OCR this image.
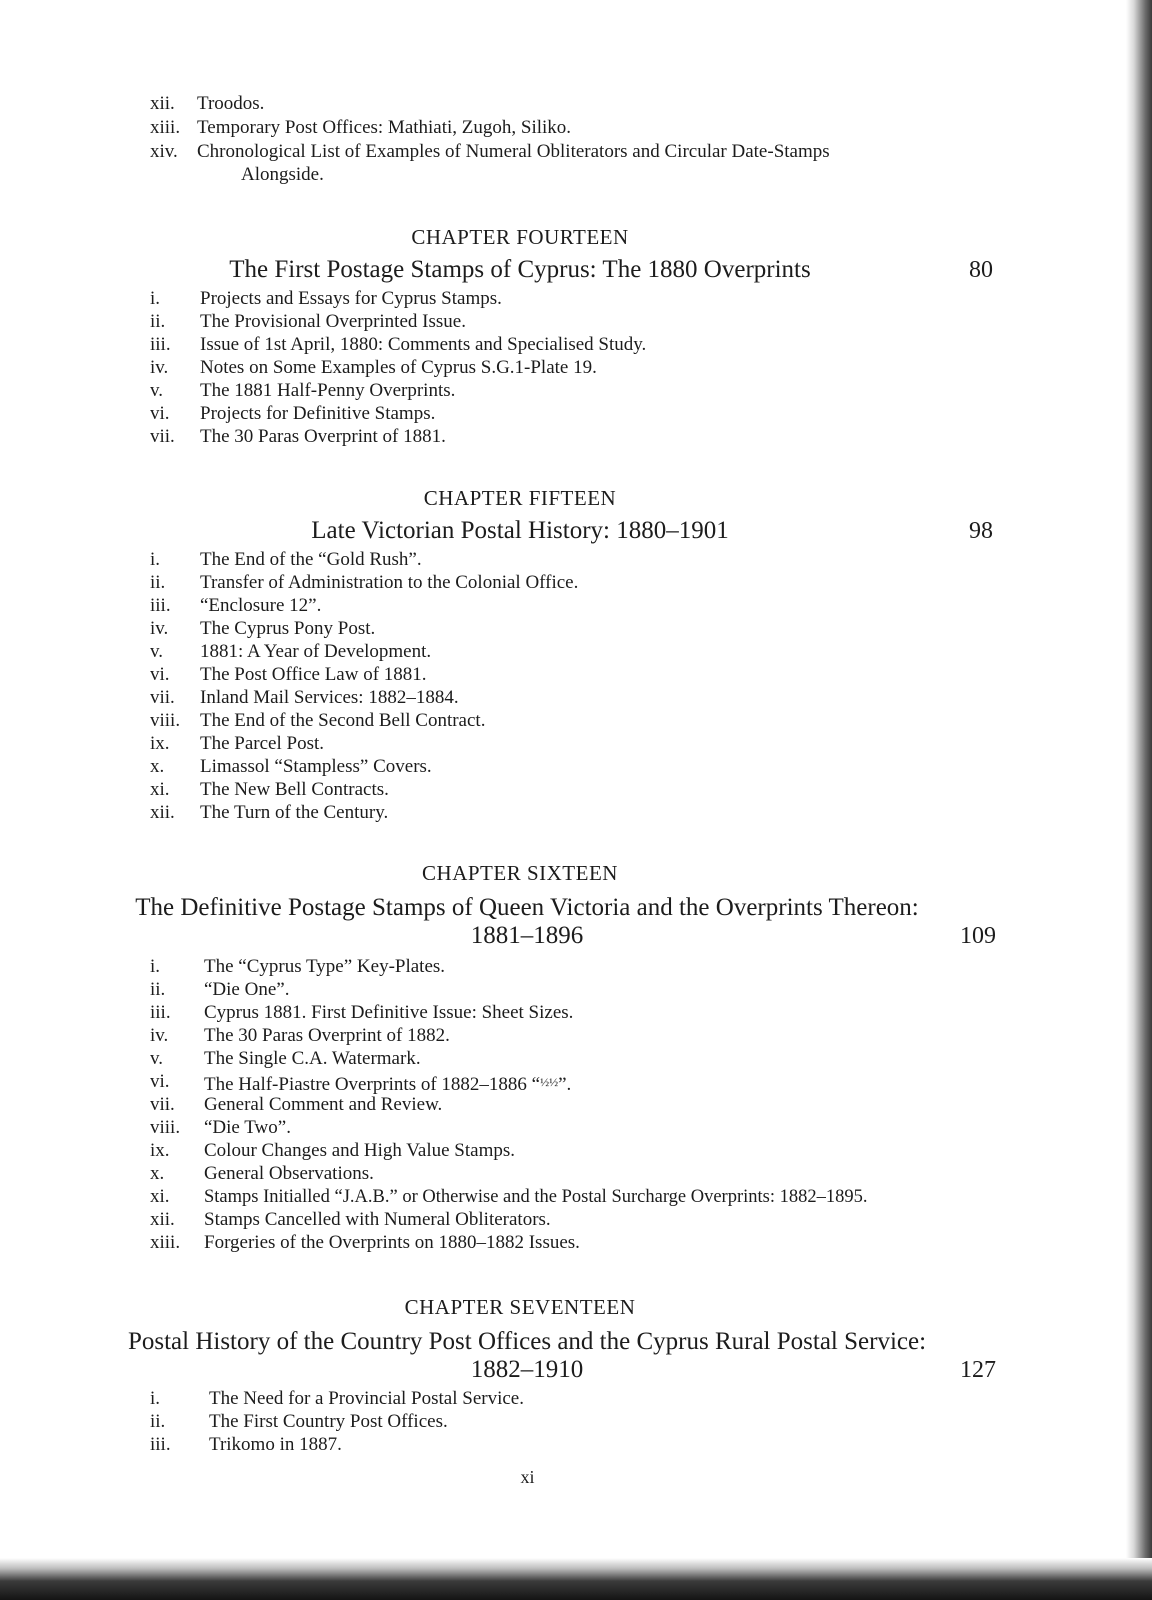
xii. Troodos.
xiii. Temporary Post Offices: Mathiati, Zugoh, Siliko.
xiv. Chronological List of Examples of Numeral Obliterators and Circular Date-Stamps
Alongside.
CHAPTER FOURTEEN
The First Postage Stamps of Cyprus: The 1880 Overprints	80
i. Projects and Essays for Cyprus Stamps.
ii. The Provisional Overprinted Issue.
iii. Issue of 1st April, 1880: Comments and Specialised Study.
iv. Notes on Some Examples of Cyprus S.G.1-Plate 19.
v. The 1881 Half-Penny Overprints.
vi. Projects for Definitive Stamps.
vii. The 30 Paras Overprint of 1881.
CHAPTER FIFTEEN
Late Victorian Postal History: 1880–1901	98
i. The End of the “Gold Rush”.
ii. Transfer of Administration to the Colonial Office.
iii. “Enclosure 12”.
iv. The Cyprus Pony Post.
v. 1881: A Year of Development.
vi. The Post Office Law of 1881.
vii. Inland Mail Services: 1882–1884.
viii. The End of the Second Bell Contract.
ix. The Parcel Post.
x. Limassol “Stampless” Covers.
xi. The New Bell Contracts.
xii. The Turn of the Century.
CHAPTER SIXTEEN
The Definitive Postage Stamps of Queen Victoria and the Overprints Thereon:
1881–1896	109
i. The “Cyprus Type” Key-Plates.
ii. “Die One”.
iii. Cyprus 1881. First Definitive Issue: Sheet Sizes.
iv. The 30 Paras Overprint of 1882.
v. The Single C.A. Watermark.
vi. The Half-Piastre Overprints of 1882–1886 “$^{\frac{1}{2}\frac{1}{2}}$”.
vii. General Comment and Review.
viii. “Die Two”.
ix. Colour Changes and High Value Stamps.
x. General Observations.
xi. Stamps Initialled “J.A.B.” or Otherwise and the Postal Surcharge Overprints: 1882–1895.
xii. Stamps Cancelled with Numeral Obliterators.
xiii. Forgeries of the Overprints on 1880–1882 Issues.
CHAPTER SEVENTEEN
Postal History of the Country Post Offices and the Cyprus Rural Postal Service:
1882–1910	127
i.	The Need for a Provincial Postal Service.
ii. The First Country Post Offices.
iii. Trikomo in 1887.
xi
